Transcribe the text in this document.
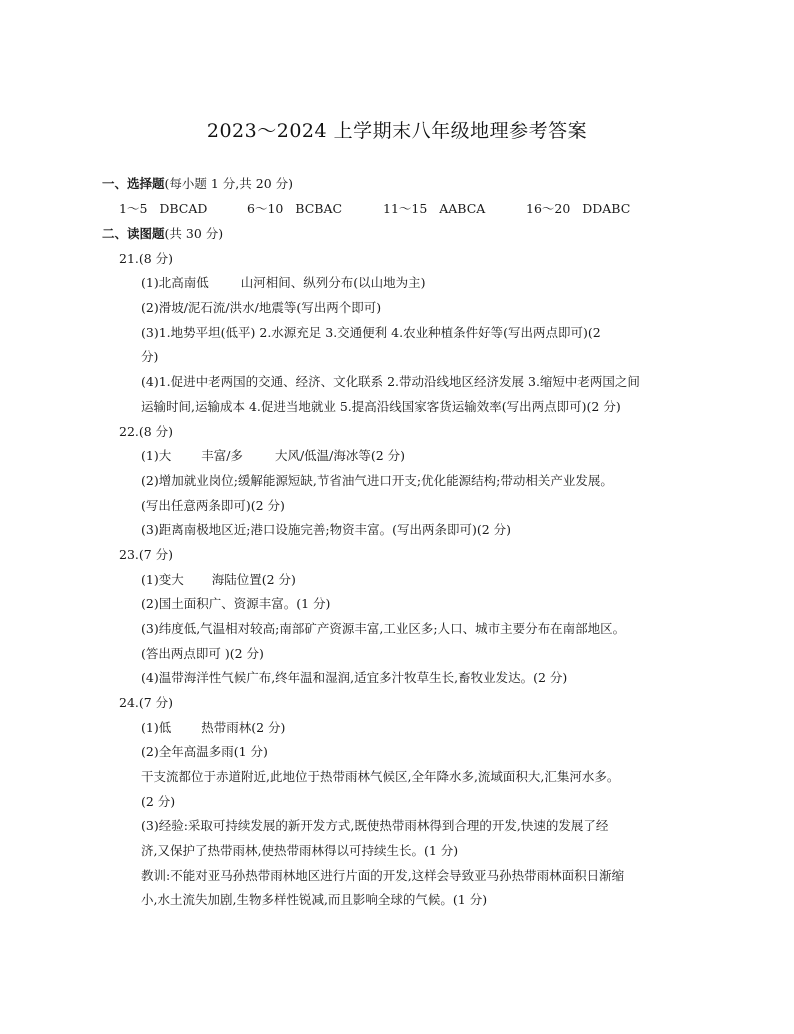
2023～2024 上学期末八年级地理参考答案
一、选择题(每小题 1 分,共 20 分)
1～5 DBCAD	6～10 BCBAC	11～15 AABCA	16～20 DDABC
二、读图题(共 30 分)
21.(8 分)
(1)北高南低	山河相间、纵列分布(以山地为主)
(2)滑坡/泥石流/洪水/地震等(写出两个即可)
(3)1.地势平坦(低平) 2.水源充足 3.交通便利 4.农业种植条件好等(写出两点即可)(2
分)
(4)1.促进中老两国的交通、经济、文化联系 2.带动沿线地区经济发展 3.缩短中老两国之间
运输时间,运输成本 4.促进当地就业 5.提高沿线国家客货运输效率(写出两点即可)(2 分)
22.(8 分)
(1)大 丰富/多	大风/低温/海冰等(2 分)
(2)增加就业岗位;缓解能源短缺,节省油气进口开支;优化能源结构;带动相关产业发展。
(写出任意两条即可)(2 分)
(3)距离南极地区近;港口设施完善;物资丰富。(写出两条即可)(2 分)
23.(7 分)
(1)变大 海陆位置(2 分)
(2)国土面积广、资源丰富。(1 分)
(3)纬度低,气温相对较高;南部矿产资源丰富,工业区多;人口、城市主要分布在南部地区。
(答出两点即可 )(2 分)
(4)温带海洋性气候广布,终年温和湿润,适宜多汁牧草生长,畜牧业发达。(2 分)
24.(7 分)
(1)低 热带雨林(2 分)
(2)全年高温多雨(1 分)
干支流都位于赤道附近,此地位于热带雨林气候区,全年降水多,流域面积大,汇集河水多。
(2 分)
(3)经验:采取可持续发展的新开发方式,既使热带雨林得到合理的开发,快速的发展了经
济,又保护了热带雨林,使热带雨林得以可持续生长。(1 分)
教训:不能对亚马孙热带雨林地区进行片面的开发,这样会导致亚马孙热带雨林面积日渐缩
小,水土流失加剧,生物多样性锐减,而且影响全球的气候。(1 分)
